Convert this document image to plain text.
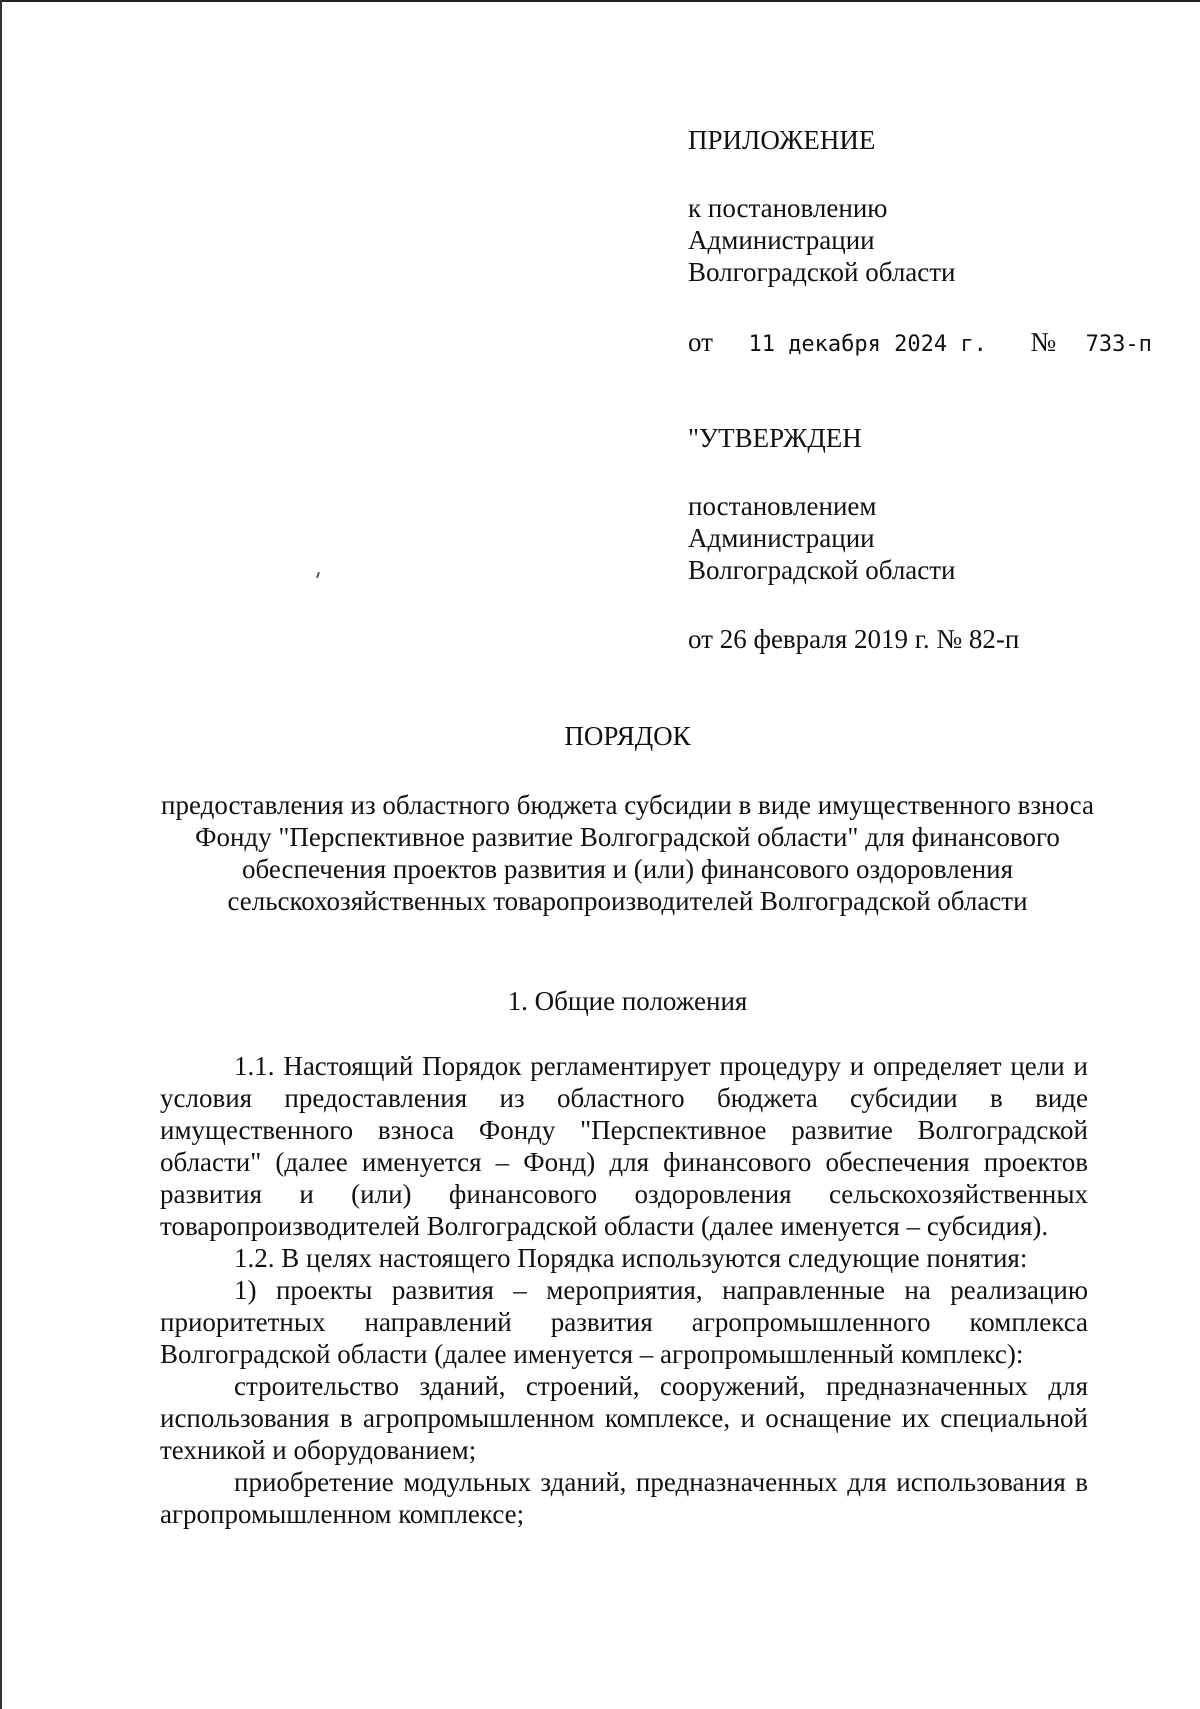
ПРИЛОЖЕНИЕ
к постановлению
Администрации
Волгоградской области
от 11 декабря 2024 г. № 733-п
"УТВЕРЖДЕН
постановлением
Администрации
Волгоградской области
от 26 февраля 2019 г. № 82-п
ПОРЯДОК
предоставления из областного бюджета субсидии в виде имущественного взноса Фонду "Перспективное развитие Волгоградской области" для финансового обеспечения проектов развития и (или) финансового оздоровления сельскохозяйственных товаропроизводителей Волгоградской области
1. Общие положения

1.1. Настоящий Порядок регламентирует процедуру и определяет цели и условия предоставления из областного бюджета субсидии в виде имущественного взноса Фонду "Перспективное развитие Волгоградской области" (далее именуется – Фонд) для финансового обеспечения проектов развития и (или) финансового оздоровления сельскохозяйственных товаропроизводителей Волгоградской области (далее именуется – субсидия).

1.2. В целях настоящего Порядка используются следующие понятия:

1) проекты развития – мероприятия, направленные на реализацию приоритетных направлений развития агропромышленного комплекса Волгоградской области (далее именуется – агропромышленный комплекс):

строительство зданий, строений, сооружений, предназначенных для использования в агропромышленном комплексе, и оснащение их специальной техникой и оборудованием;

приобретение модульных зданий, предназначенных для использования в агропромышленном комплексе;
